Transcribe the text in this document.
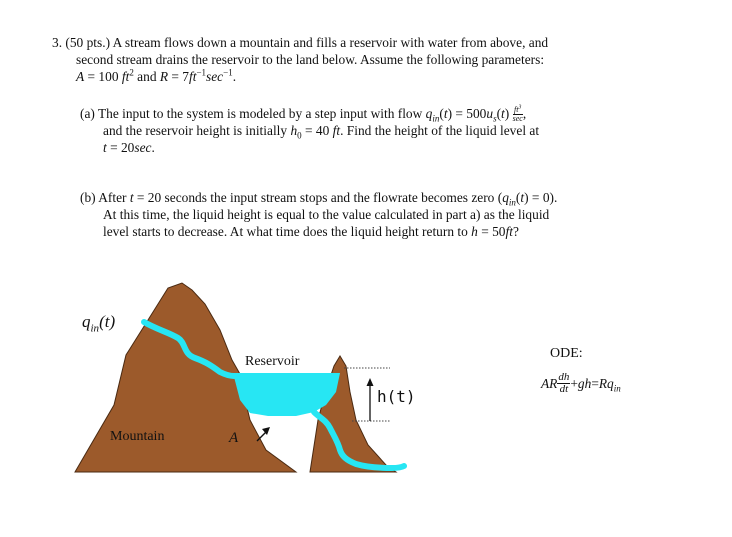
3. (50 pts.) A stream flows down a mountain and fills a reservoir with water from above, and
second stream drains the reservoir to the land below. Assume the following parameters:
A = 100 $ft^2$ and $R = 7ft^{-1}\sec^{-1}$.
(a) The input to the system is modeled by a step input with flow $q_{in}(t) = 500u_s(t)$ $ft^3$
sec ,
and the reservoir height is initially $h_0 = 40$ ft. Find the height of the liquid level at
t = 20sec.
(b) After t = 20 seconds the input stream stops and the flowrate becomes zero $(q_{in}(t) = 0)$.
At this time, the liquid height is equal to the value calculated in part a) as the liquid
level starts to decrease. At what time does the liquid height return to h = 50ft?
$q_{in}(t)$
Reservoir
h(t)
Mountain	A
ODE:
AR $\frac{dh}{dt} +gh=Rq_{in}$
